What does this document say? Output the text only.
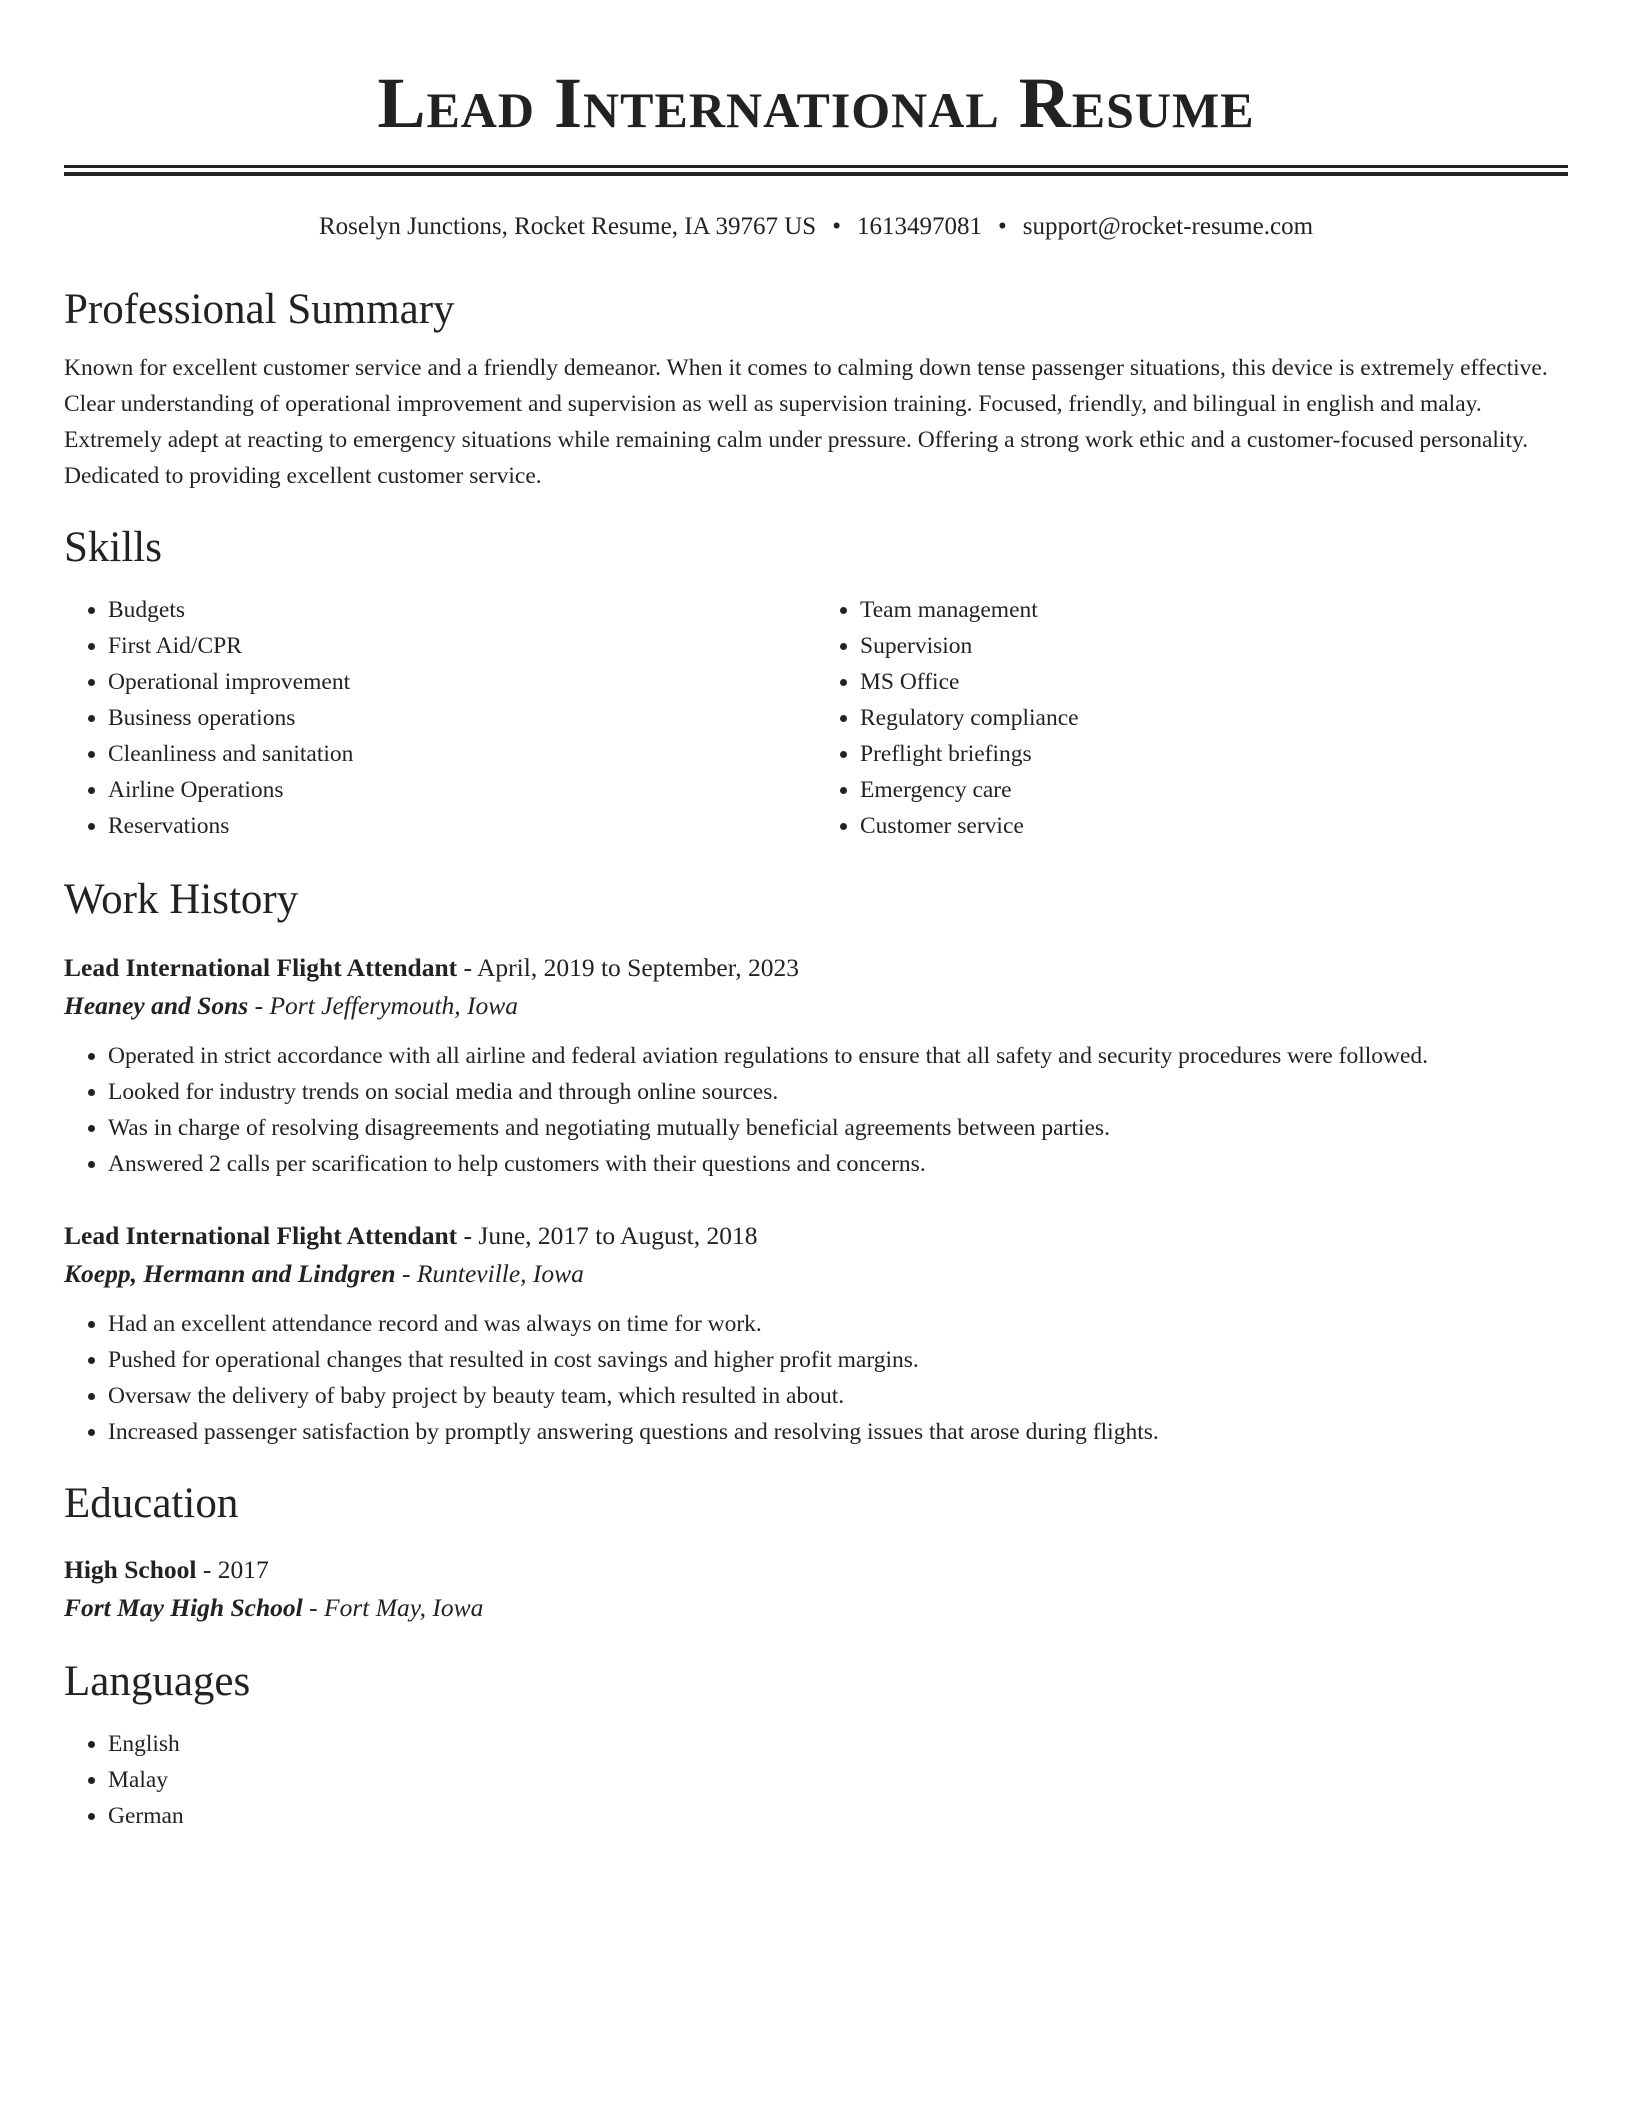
Lead International Resume
Roselyn Junctions, Rocket Resume, IA 39767 US • 1613497081 • support@rocket-resume.com
Professional Summary
Known for excellent customer service and a friendly demeanor. When it comes to calming down tense passenger situations, this device is extremely effective. Clear understanding of operational improvement and supervision as well as supervision training. Focused, friendly, and bilingual in english and malay. Extremely adept at reacting to emergency situations while remaining calm under pressure. Offering a strong work ethic and a customer-focused personality. Dedicated to providing excellent customer service.
Skills
• Budgets
• First Aid/CPR
• Operational improvement
• Business operations
• Cleanliness and sanitation
• Airline Operations
• Reservations
• Team management
• Supervision
• MS Office
• Regulatory compliance
• Preflight briefings
• Emergency care
• Customer service
Work History
Lead International Flight Attendant - April, 2019 to September, 2023
Heaney and Sons - Port Jefferymouth, Iowa
• Operated in strict accordance with all airline and federal aviation regulations to ensure that all safety and security procedures were followed.
• Looked for industry trends on social media and through online sources.
• Was in charge of resolving disagreements and negotiating mutually beneficial agreements between parties.
• Answered 2 calls per scarification to help customers with their questions and concerns.
Lead International Flight Attendant - June, 2017 to August, 2018
Koepp, Hermann and Lindgren - Runteville, Iowa
• Had an excellent attendance record and was always on time for work.
• Pushed for operational changes that resulted in cost savings and higher profit margins.
• Oversaw the delivery of baby project by beauty team, which resulted in about.
• Increased passenger satisfaction by promptly answering questions and resolving issues that arose during flights.
Education
High School - 2017
Fort May High School - Fort May, Iowa
Languages
• English
• Malay
• German
